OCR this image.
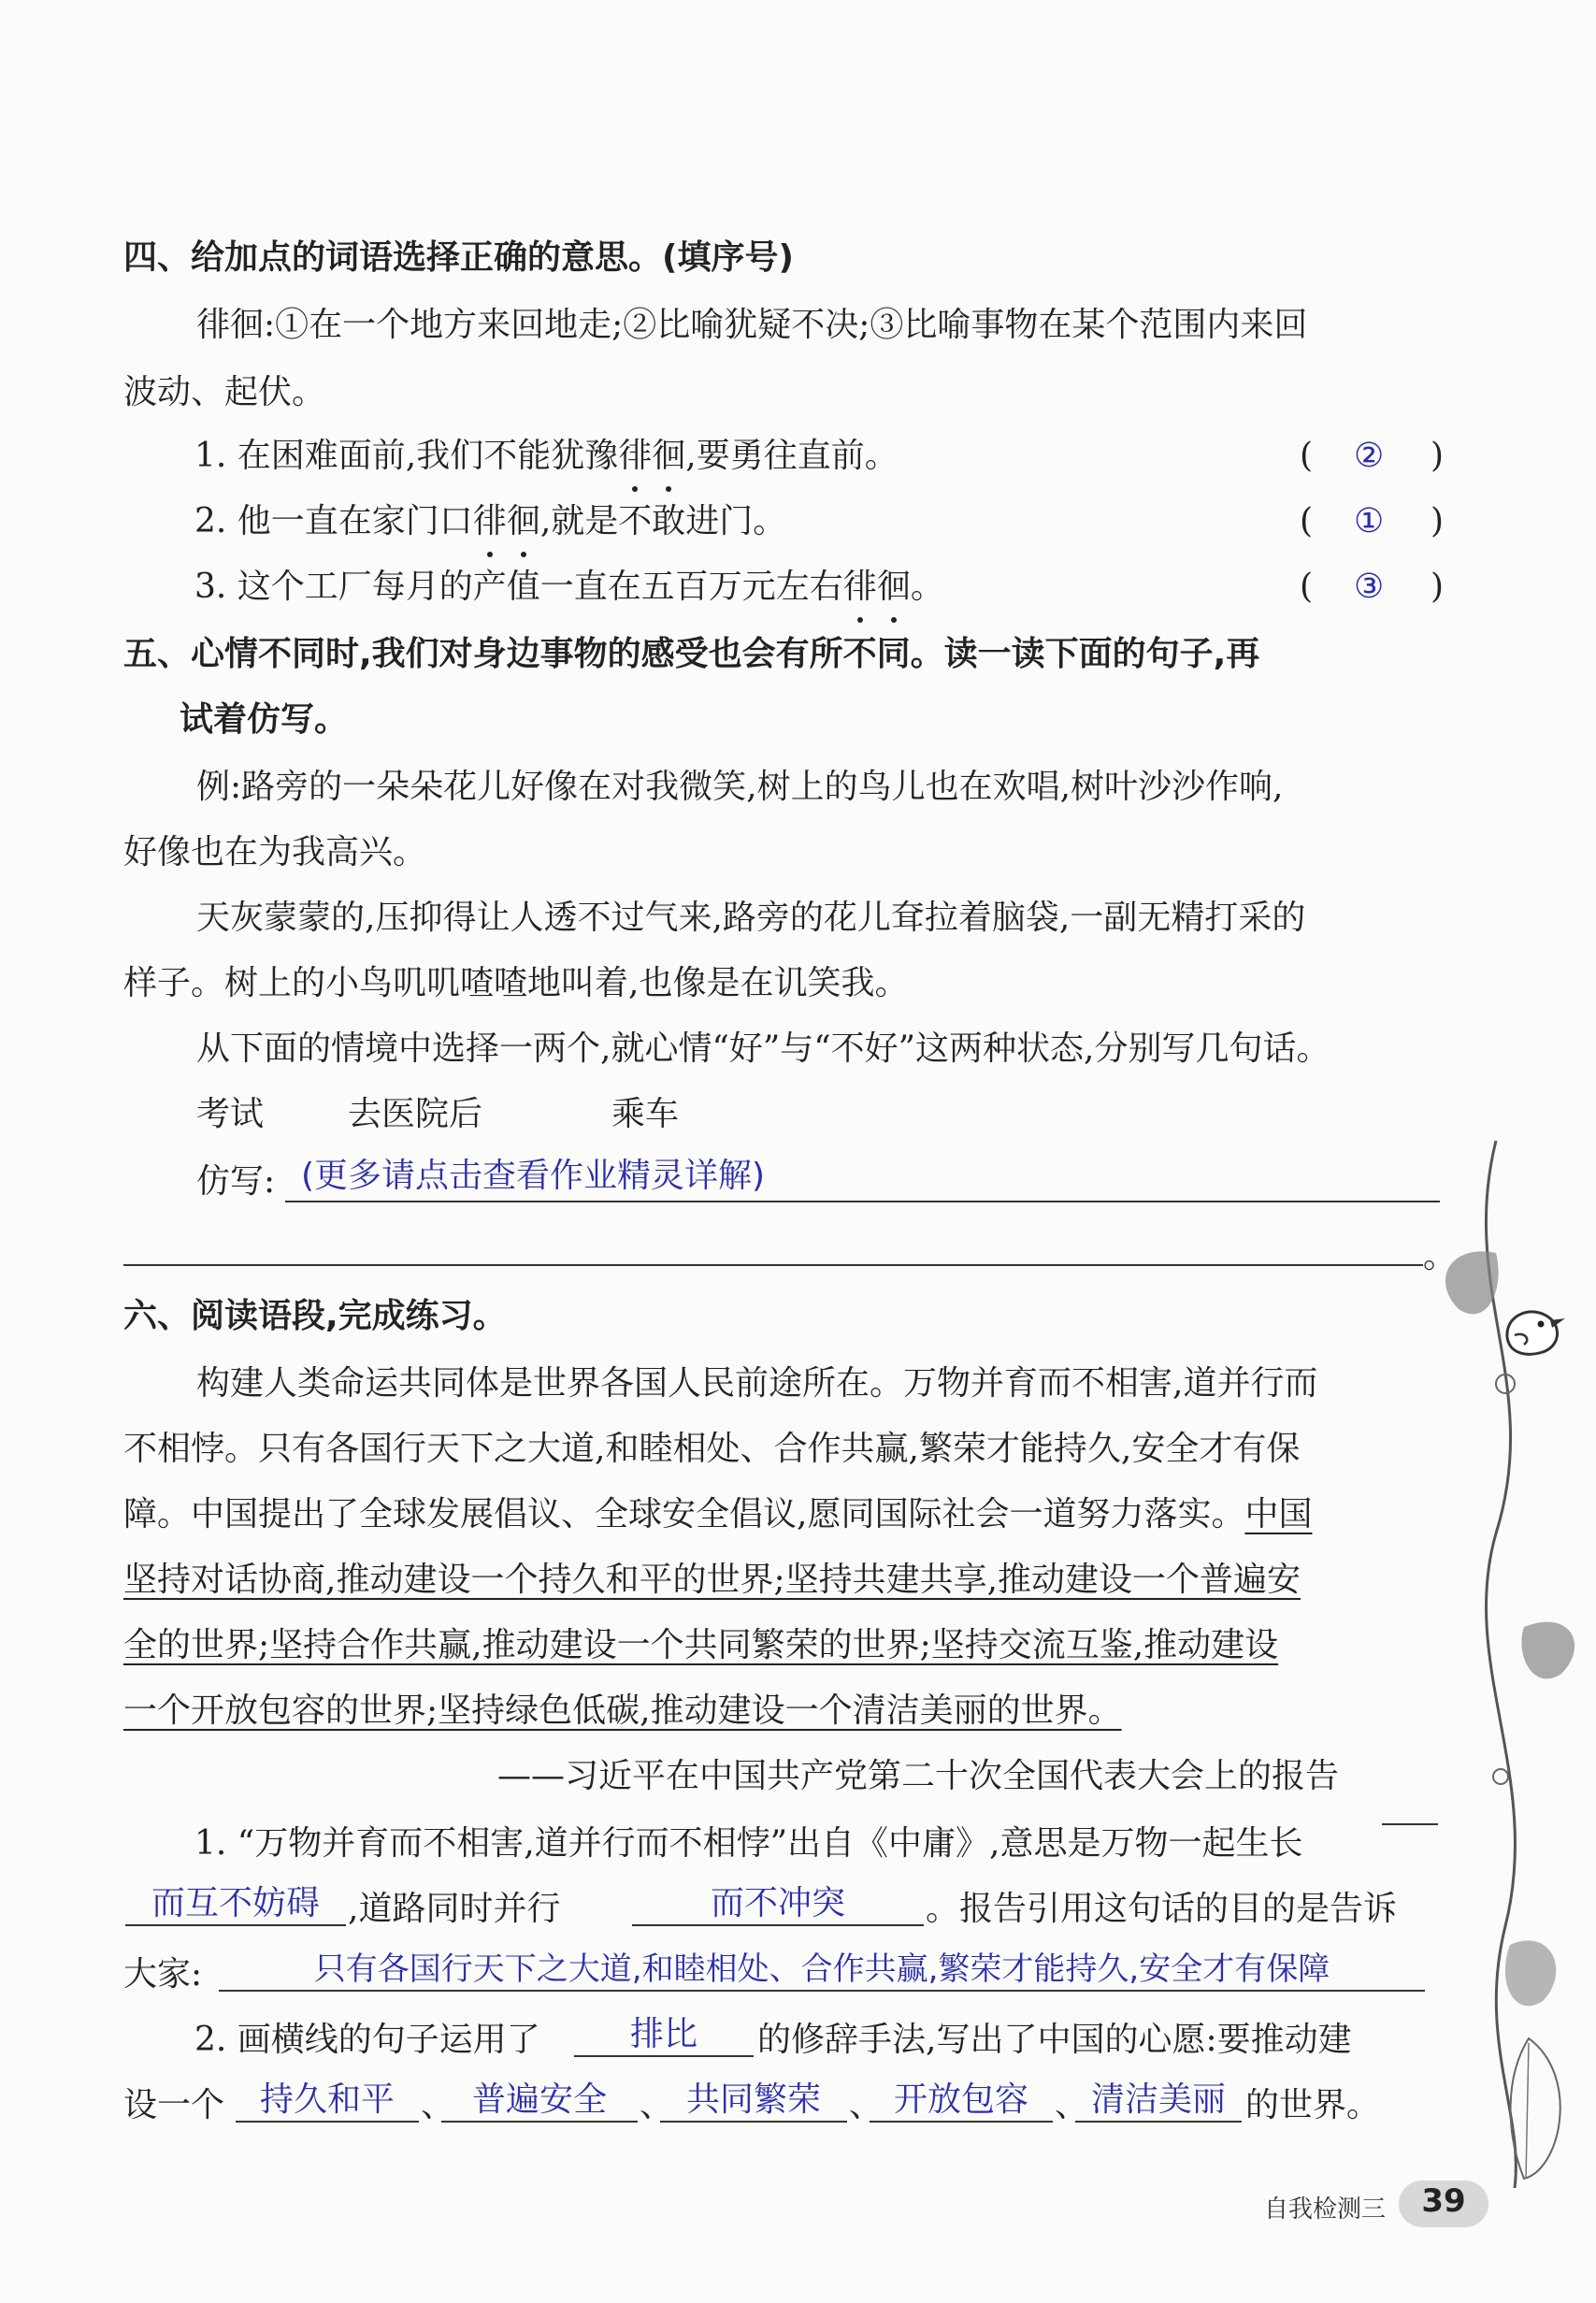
四、给加点的词语选择正确的意思。(填序号)
徘徊:①在一个地方来回地走;②比喻犹疑不决;③比喻事物在某个范围内来回
波动、起伏。
1. 在困难面前,我们不能犹豫徘徊,要勇往直前。	( ② )
2. 他一直在家门口徘徊,就是不敢进门。	( ① )
3. 这个工厂每月的产值一直在五百万元左右徘徊。	( ③ )
五、心情不同时,我们对身边事物的感受也会有所不同。读一读下面的句子,再
试着仿写。
例:路旁的一朵朵花儿好像在对我微笑,树上的鸟儿也在欢唱,树叶沙沙作响,
好像也在为我高兴。
天灰蒙蒙的,压抑得让人透不过气来,路旁的花儿耷拉着脑袋,一副无精打采的
样子。树上的小鸟叽叽喳喳地叫着,也像是在讥笑我。
从下面的情境中选择一两个,就心情“好”与“不好”这两种状态,分别写几句话。
考试 去医院后	乘车
仿写: (更多请点击查看作业精灵详解)
。
六、阅读语段,完成练习。
构建人类命运共同体是世界各国人民前途所在。万物并育而不相害,道并行而
不相悖。只有各国行天下之大道,和睦相处、合作共赢,繁荣才能持久,安全才有保
障。中国提出了全球发展倡议、全球安全倡议,愿同国际社会一道努力落实。中国
坚持对话协商,推动建设一个持久和平的世界;坚持共建共享,推动建设一个普遍安
全的世界;坚持合作共赢,推动建设一个共同繁荣的世界;坚持交流互鉴,推动建设
一个开放包容的世界;坚持绿色低碳,推动建设一个清洁美丽的世界。
——习近平在中国共产党第二十次全国代表大会上的报告
1. “万物并育而不相害,道并行而不相悖”出自《中庸》,意思是万物一起生长
而互不妨碍 ,道路同时并行	而不冲突	。报告引用这句话的目的是告诉
大家:	只有各国行天下之大道,和睦相处、合作共赢,繁荣才能持久,安全才有保障
2. 画横线的句子运用了	排比	的修辞手法,写出了中国的心愿:要推动建
设一个	持久和平 、 普遍安全 、 共同繁荣 、 开放包容 、 清洁美丽 的世界。
自我检测三	39
